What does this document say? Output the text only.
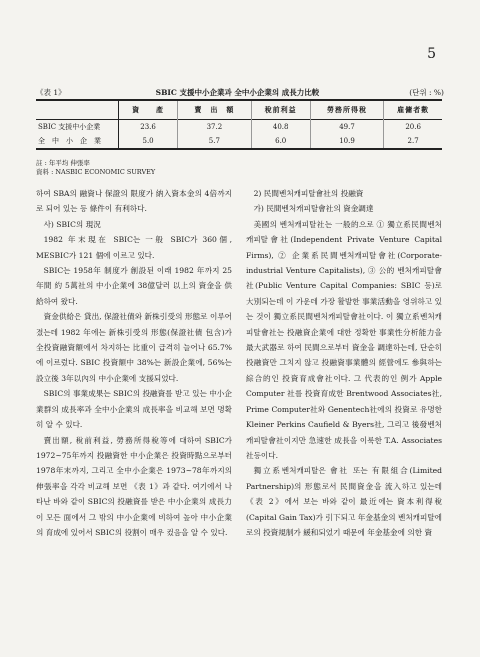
5
《表 1》	SBIC 支援中小企業과 全中小企業의 成長力比較	(단위 : %)
	資　　產	賣　出　額	稅前利益	勞務所得稅	雇傭者數
SBIC 支援中小企業	23.6	37.2	40.8	49.7	20.6
全　中　小　企　業	5.0	5.7	6.0	10.9	2.7
註 : 年平均 伸張率
資料 : NASBIC ECONOMIC SURVEY

하여 SBA의 融資나 保證의 限度가 納入資本金의 4倍까지로 되어 있는 등 條件이 有利하다.

사) SBIC의 現況

1982 年末現在 SBIC는 一般 SBIC가 360個, MESBIC가 121 個에 이르고 있다.

SBIC는 1958年 制度가 創設된 이래 1982 年까지 25年間 約 5萬社의 中小企業에 38億달러 以上의 資金을 供給하여 왔다.

資金供給은 貸出, 保證社債와 新株引受의 形態로 이루어졌는데 1982 年에는 新株引受의 形態(保證社債 包含)가 全投資融資額에서 차지하는 比重이 급격히 늘어나 65.7%에 이르렀다. SBIC 投資額中 38%는 新設企業에, 56%는 設立後 3年以內의 中小企業에 支援되었다.

SBIC의 事業成果는 SBIC의 投融資를 받고 있는 中小企業群의 成長率과 全中小企業의 成長率을 비교해 보면 명확히 알 수 있다.

賣出額, 稅前利益, 勞務所得稅等에 대하여 SBIC가 1972~75年까지 投融資한 中小企業은 投資時點으로부터 1978年末까지, 그리고 全中小企業은 1973~78年까지의 伸張率을 각각 비교해 보면 《表 1》과 같다. 여기에서 나타난 바와 같이 SBIC의 投融資를 받은 中小企業의 成長力이 모든 面에서 그 밖의 中小企業에 비하여 높아 中小企業의 育成에 있어서 SBIC의 役割이 매우 컸음을 알 수 있다.

2) 民間벤처캐피탈會社의 投融資

가) 民間벤처캐피탈會社의 資金調達

美國의 벤처캐피탈社는 一般的으로 ① 獨立系民間벤처캐피탈會社(Independent Private Venture Capital Firms), ② 企業系民間벤처캐피탈會社(Corporate-industrial Venture Capitalists), ③ 公的 벤처캐피탈會社(Public Venture Capital Companies: SBIC 등)로 大別되는데 이 가운데 가장 활발한 事業活動을 영위하고 있는 것이 獨立系民間벤처캐피탈會社이다. 이 獨立系벤처캐피탈會社는 投融資企業에 대한 정확한 事業性分析能力을 最大武器로 하여 民間으로부터 資金을 調達하는데, 단순히 投融資만 그치지 않고 投融資事業體의 經營에도 參與하는 綜合的인 投資育成會社이다. 그 代表的인 例가 Apple Computer 社를 投資育成한 Brentwood Associates社, Prime Computer社와 Genentech社에의 投資로 유명한 Kleiner Perkins Caufield & Byers社, 그리고 後發벤처캐피탈會社이지만 急速한 成長을 이룩한 T.A. Associates社등이다.

獨立系벤처캐피탈은 會社 또는 有限組合(Limited Partnership)의 形態로서 民間資金을 流入하고 있는데 《表 2》에서 보는 바와 같이 最近에는 資本利得稅(Capital Gain Tax)가 引下되고 年金基金의 벤처캐피탈에로의 投資規制가 緩和되었기 때문에 年金基金에 의한 資
